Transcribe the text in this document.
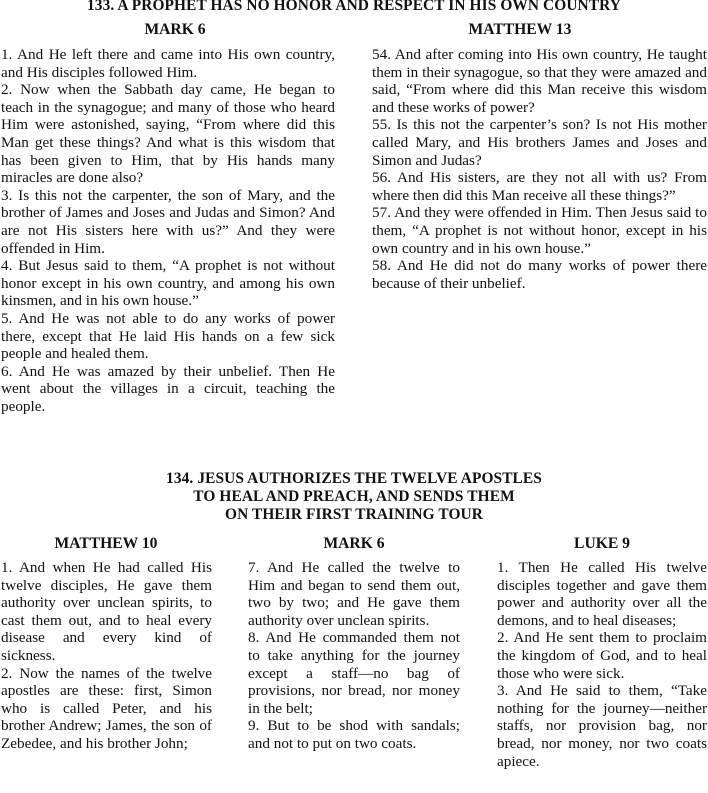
133. A PROPHET HAS NO HONOR AND RESPECT IN HIS OWN COUNTRY
MARK 6	MATTHEW 13

1. And He left there and came into His own country, and His disciples followed Him.

2. Now when the Sabbath day came, He began to teach in the synagogue; and many of those who heard Him were astonished, saying, “From where did this Man get these things? And what is this wisdom that has been given to Him, that by His hands many miracles are done also?

3. Is this not the carpenter, the son of Mary, and the brother of James and Joses and Judas and Simon? And are not His sisters here with us?” And they were offended in Him.

4. But Jesus said to them, “A prophet is not without honor except in his own country, and among his own kinsmen, and in his own house.”

5. And He was not able to do any works of power there, except that He laid His hands on a few sick people and healed them.

6. And He was amazed by their unbelief. Then He went about the villages in a circuit, teaching the people.

54. And after coming into His own country, He taught them in their synagogue, so that they were amazed and said, “From where did this Man receive this wisdom and these works of power?

55. Is this not the carpenter’s son? Is not His mother called Mary, and His brothers James and Joses and Simon and Judas?

56. And His sisters, are they not all with us? From where then did this Man receive all these things?”

57. And they were offended in Him. Then Jesus said to them, “A prophet is not without honor, except in his own country and in his own house.”

58. And He did not do many works of power there because of their unbelief.

134. JESUS AUTHORIZES THE TWELVE APOSTLES
TO HEAL AND PREACH, AND SENDS THEM
ON THEIR FIRST TRAINING TOUR
MATTHEW 10	MARK 6	LUKE 9

1. And when He had called His twelve disciples, He gave them authority over unclean spirits, to cast them out, and to heal every disease and every kind of sickness.

2. Now the names of the twelve apostles are these: first, Simon who is called Peter, and his brother Andrew; James, the son of Zebedee, and his brother John;

7. And He called the twelve to Him and began to send them out, two by two; and He gave them authority over unclean spirits.

8. And He commanded them not to take anything for the journey except a staff—no bag of provisions, nor bread, nor money in the belt;

9. But to be shod with sandals; and not to put on two coats.

1. Then He called His twelve disciples together and gave them power and authority over all the demons, and to heal diseases;

2. And He sent them to proclaim the kingdom of God, and to heal those who were sick.

3. And He said to them, “Take nothing for the journey—neither staffs, nor provision bag, nor bread, nor money, nor two coats apiece.
